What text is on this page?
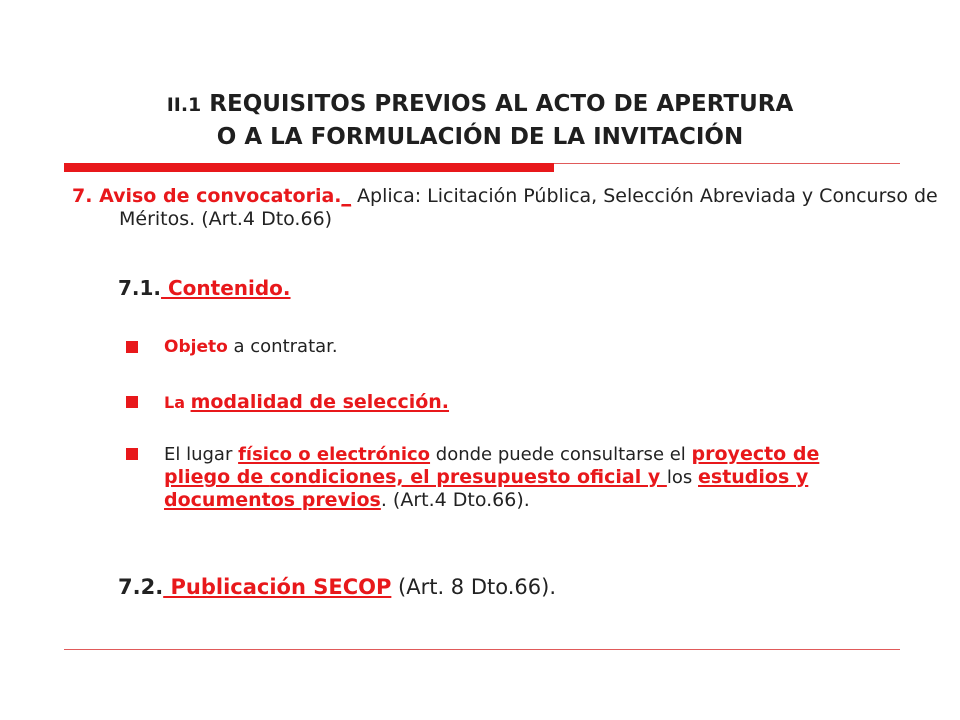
II.1 REQUISITOS PREVIOS AL ACTO DE APERTURA
O A LA FORMULACIÓN DE LA INVITACIÓN

7. Aviso de convocatoria._ Aplica: Licitación Pública, Selección Abreviada y Concurso de Méritos. (Art.4 Dto.66)

7.1. Contenido.

Objeto a contratar.

La modalidad de selección.

El lugar físico o electrónico donde puede consultarse el proyecto de pliego de condiciones, el presupuesto oficial y los estudios y documentos previos. (Art.4 Dto.66).

7.2. Publicación SECOP (Art. 8 Dto.66).
